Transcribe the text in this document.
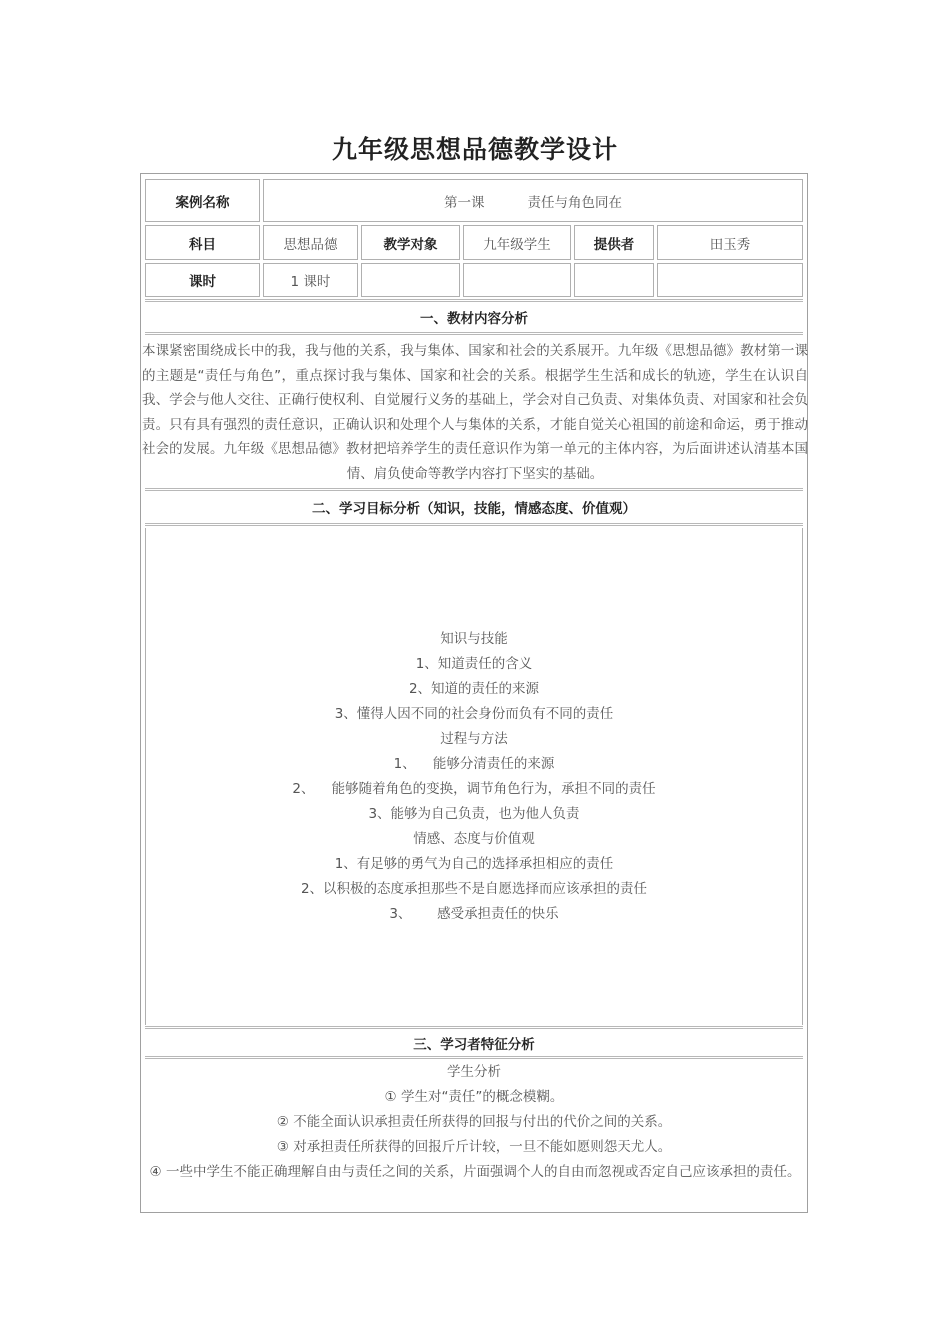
九年级思想品德教学设计
案例名称	第一课          责任与角色同在
科目	思想品德	教学对象	九年级学生	提供者	田玉秀
课时	1 课时
一、教材内容分析
本课紧密围绕成长中的我，我与他的关系，我与集体、国家和社会的关系展开。九年级《思想品德》教材第一课的主题是“责任与角色”，重点探讨我与集体、国家和社会的关系。根据学生生活和成长的轨迹，学生在认识自我、学会与他人交往、正确行使权利、自觉履行义务的基础上，学会对自己负责、对集体负责、对国家和社会负责。只有具有强烈的责任意识，正确认识和处理个人与集体的关系，才能自觉关心祖国的前途和命运，勇于推动社会的发展。九年级《思想品德》教材把培养学生的责任意识作为第一单元的主体内容，为后面讲述认清基本国情、肩负使命等教学内容打下坚实的基础。
二、学习目标分析（知识，技能，情感态度、价值观）
知识与技能
1、知道责任的含义
2、知道的责任的来源
3、懂得人因不同的社会身份而负有不同的责任
过程与方法
1、    能够分清责任的来源
2、    能够随着角色的变换，调节角色行为，承担不同的责任
3、能够为自己负责，也为他人负责
情感、态度与价值观
1、有足够的勇气为自己的选择承担相应的责任
2、以积极的态度承担那些不是自愿选择而应该承担的责任
3、      感受承担责任的快乐
三、学习者特征分析
学生分析
① 学生对“责任”的概念模糊。
② 不能全面认识承担责任所获得的回报与付出的代价之间的关系。
③ 对承担责任所获得的回报斤斤计较，一旦不能如愿则怨天尤人。
④ 一些中学生不能正确理解自由与责任之间的关系，片面强调个人的自由而忽视或否定自己应该承担的责任。
